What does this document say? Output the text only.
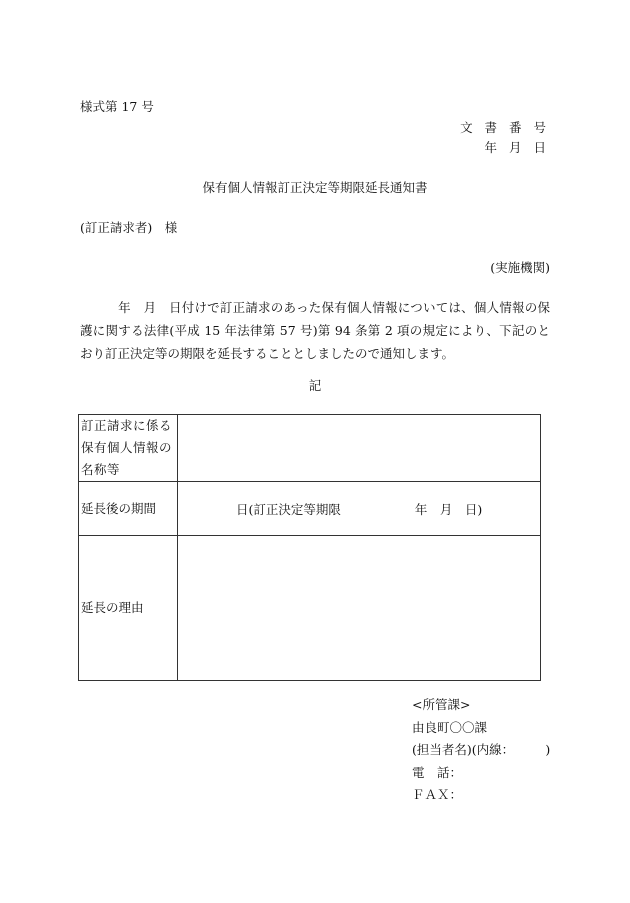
様式第 17 号
文 書 番 号
年 月 日
保有個人情報訂正決定等期限延長通知書
(訂正請求者)　様
(実施機関)
　　　年　月　日付けで訂正請求のあった保有個人情報については、個人情報の保護に関する法律(平成 15 年法律第 57 号)第 94 条第 2 項の規定により、下記のとおり訂正決定等の期限を延長することとしましたので通知します。
記
訂正請求に係る保有個人情報の名称等	

延長後の期間	日(訂正決定等期限 年　月　日)

延長の理由	
<所管課>
由良町〇〇課
(担当者名)(内線：　　　)
電　話：
ＦＡＸ：
